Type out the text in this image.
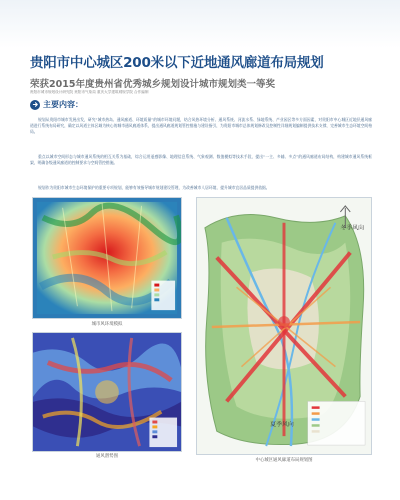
贵阳市中心城区200米以下近地通风廊道布局规划
荣获2015年度贵州省优秀城乡规划设计城市规划类一等奖
贵阳市城市规划设计研究院 贵阳市气象局 重庆大学建筑城规学院 合作编制
主要内容：

规划从贵阳市城市发展出发，研究“城市热岛、通风廊道、环境质量”的城市环境问题，结合风热环境分析、通风系统、河流水系、绿地系统、产业园区等多方面因素，对贵阳市中心城区近地层通风廊道进行系统布局研究，确定以风道主体区域为核心的城市通风廊道体系，提出通风廊道规划管控措施与建设指引，为贵阳市城市总体规划修改及控制性详细规划编制提供技术支撑，完善城市生态环境空间格局。

重点以城市空间形态与城市通风系统的相互关系为基础，综合运用遥感影像、地理信息系统、气象观测、数值模拟等技术手段，提出“一主、多辅、多点”的通风廊道布局结构，构建城市通风系统框架，明确各级通风廊道的控制要求与空间管控措施。

规划作为贵阳市城市生态环境保护的重要专项规划，能够有效指导城市规划建设管理，为改善城市人居环境、提升城市宜居品质提供依据。

城市风环境模拟
通风潜势图
冬季风向
夏季风向
中心城区通风廊道布局规划图
